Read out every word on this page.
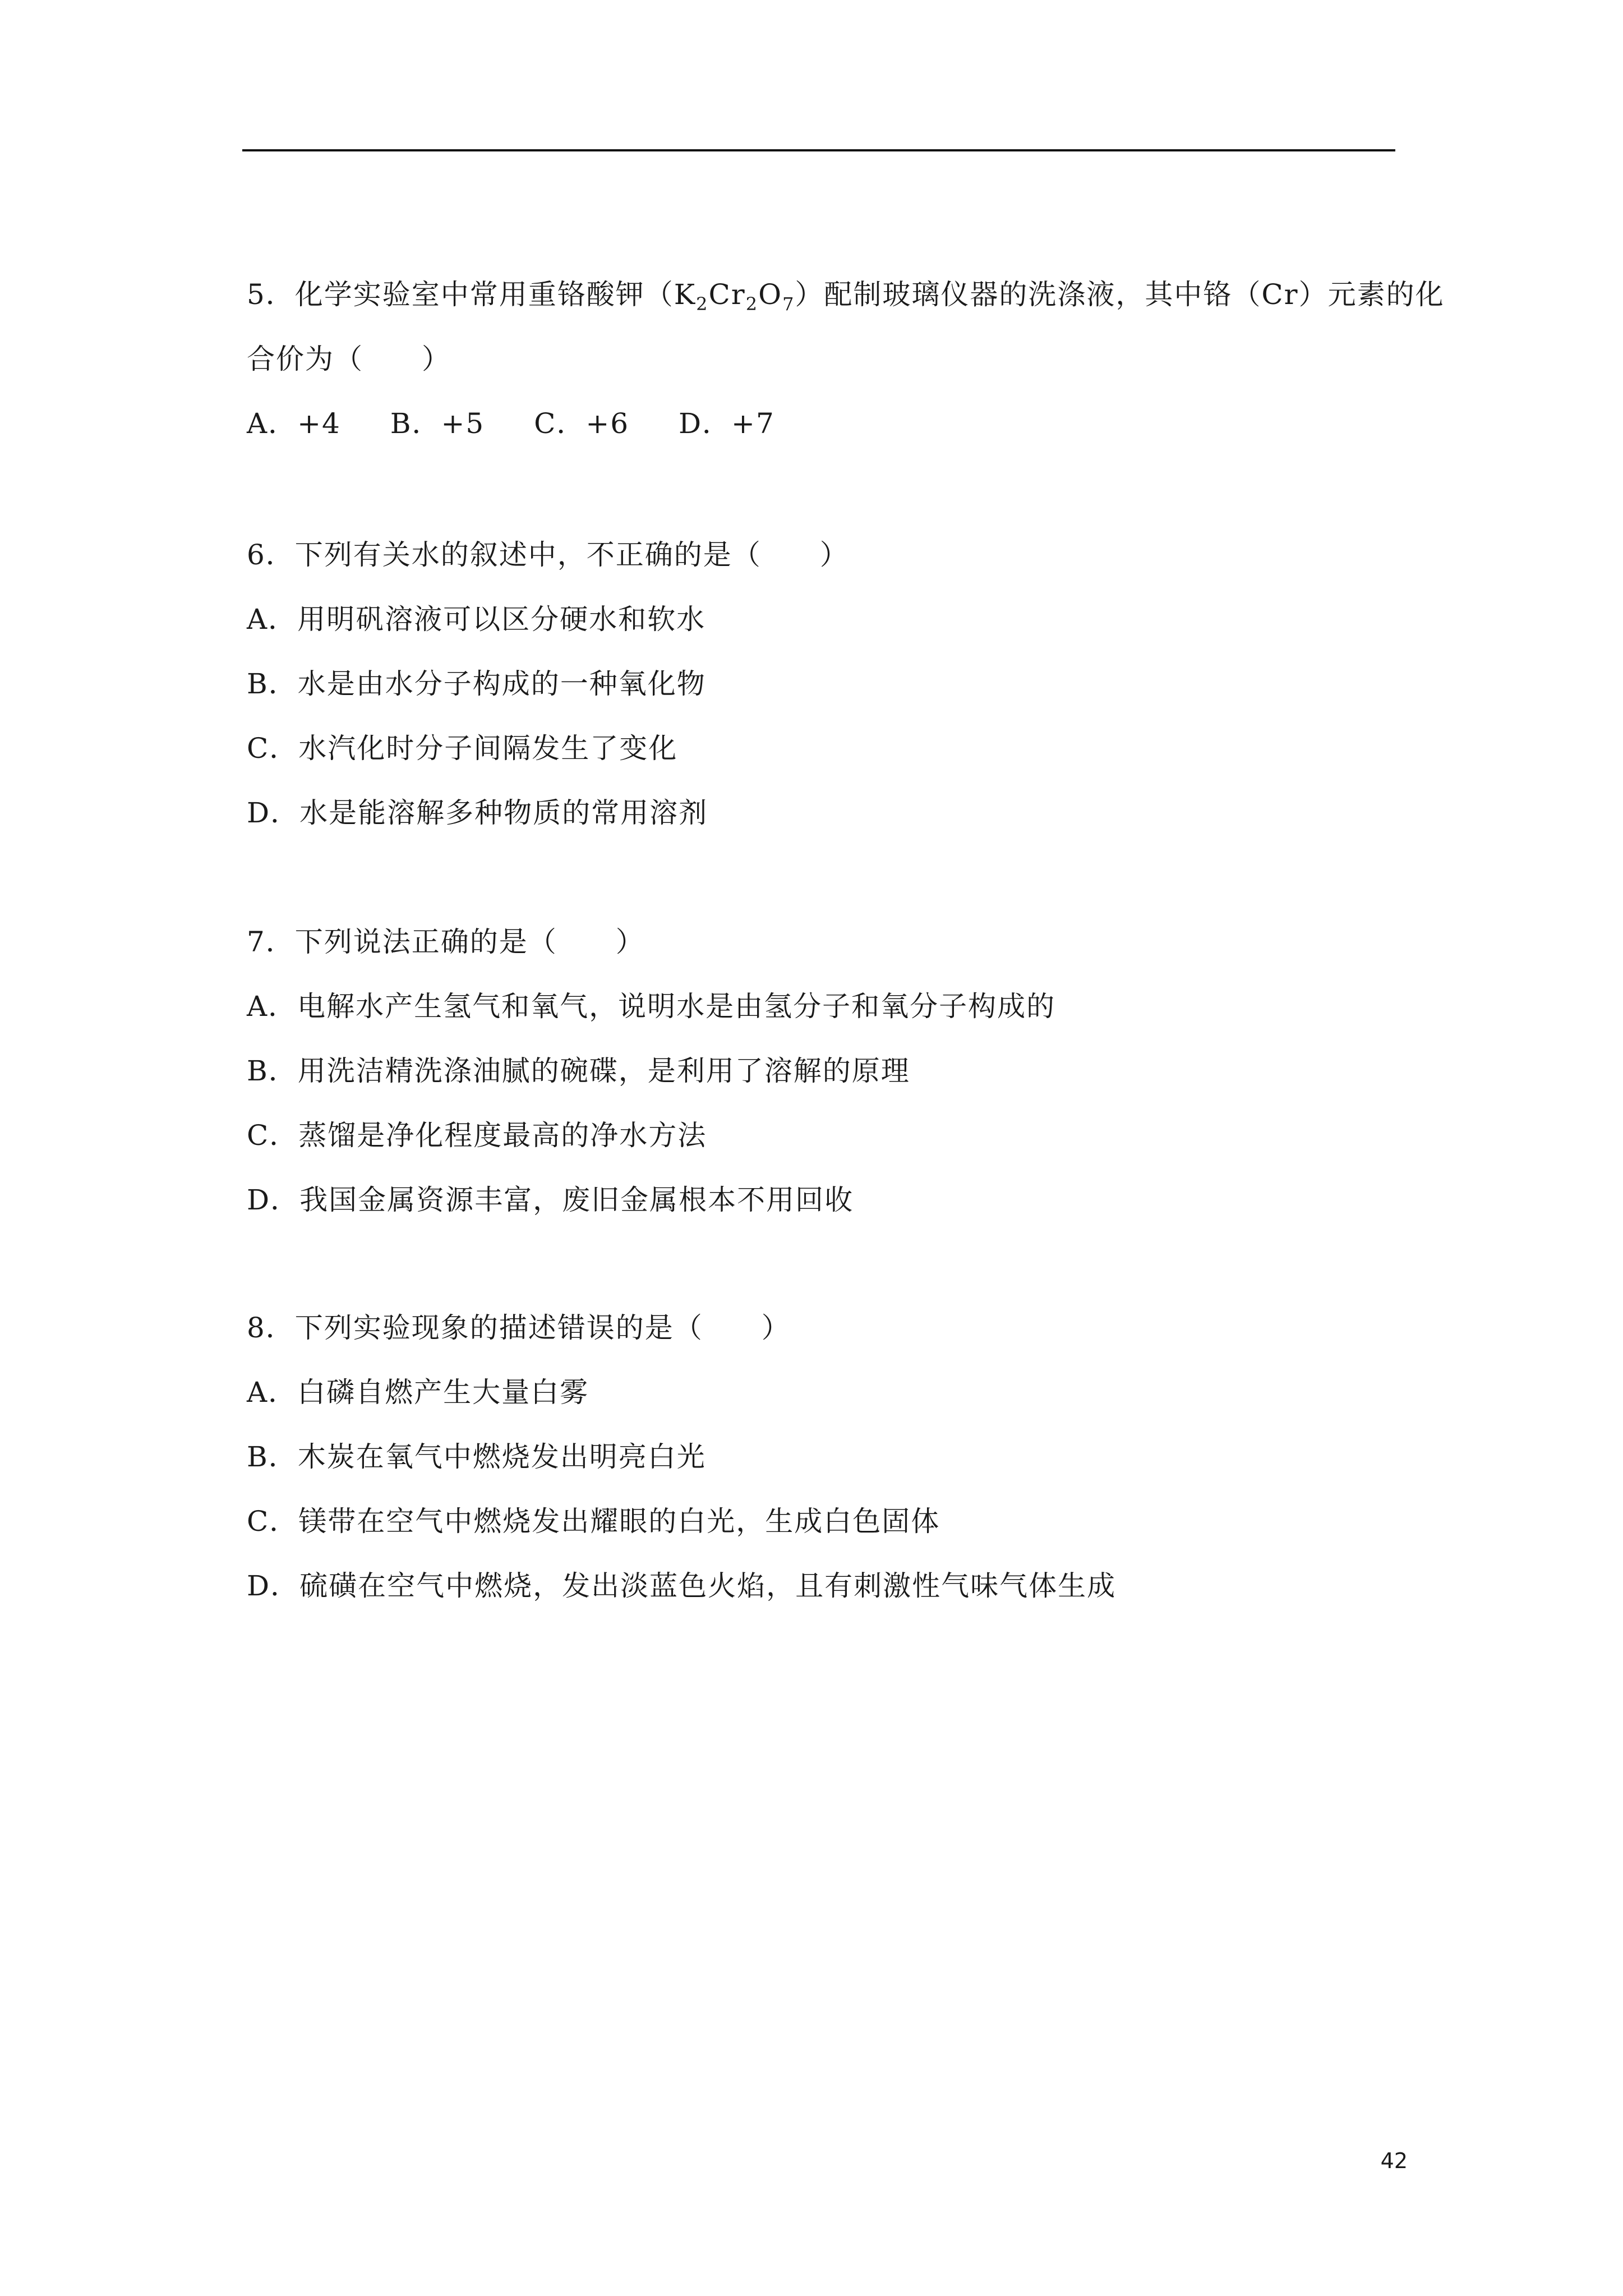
5．化学实验室中常用重铬酸钾$(K_2Cr_2O_7)$配制玻璃仪器的洗涤液，其中铬（Cr）元素的化
合价为（　　）
A．+4 B．+5 C．+6 D．+7
6．下列有关水的叙述中，不正确的是（　　）
A．用明矾溶液可以区分硬水和软水
B．水是由水分子构成的一种氧化物
C．水汽化时分子间隔发生了变化
D．水是能溶解多种物质的常用溶剂
7．下列说法正确的是（　　）
A．电解水产生氢气和氧气，说明水是由氢分子和氧分子构成的
B．用洗洁精洗涤油腻的碗碟，是利用了溶解的原理
C．蒸馏是净化程度最高的净水方法
D．我国金属资源丰富，废旧金属根本不用回收
8．下列实验现象的描述错误的是（　　）
A．白磷自燃产生大量白雾
B．木炭在氧气中燃烧发出明亮白光
C．镁带在空气中燃烧发出耀眼的白光，生成白色固体
D．硫磺在空气中燃烧，发出淡蓝色火焰，且有刺激性气味气体生成
42
